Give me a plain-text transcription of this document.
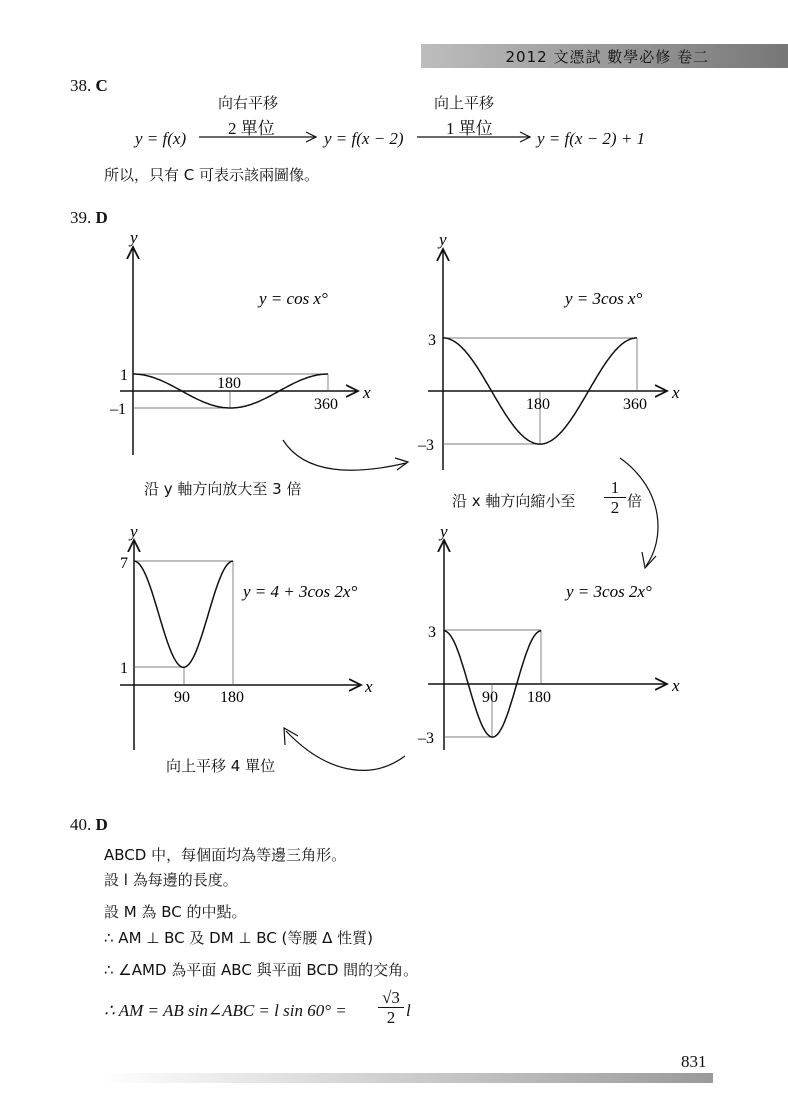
2012 文憑試 數學必修 卷二
38. C
向右平移
2 單位
向上平移
1 單位
y = f(x)	y = f(x − 2)	y = f(x − 2) + 1
所以，只有 C 可表示該兩圖像。
39. D
y
x
1
–1
180
360
y = cos x°
y
x
3
–3
180	360
y = 3cos x°
y
x
7
1
90 180
y = 4 + 3cos 2x°
y
x
3
–3
90 180
y = 3cos 2x°
沿 y 軸方向放大至 3 倍
沿 x 軸方向縮小至 $\frac{1}{2}$ 倍
向上平移 4 單位
40. D
ABCD 中，每個面均為等邊三角形。
設 l 為每邊的長度。
設 M 為 BC 的中點。
∴ AM ⊥ BC 及 DM ⊥ BC (等腰 Δ 性質)
∴ ∠AMD 為平面 ABC 與平面 BCD 間的交角。
∴ AM = AB sin∠ABC = l $\sin 60^\circ = \frac{√3}{2}$ l
831
